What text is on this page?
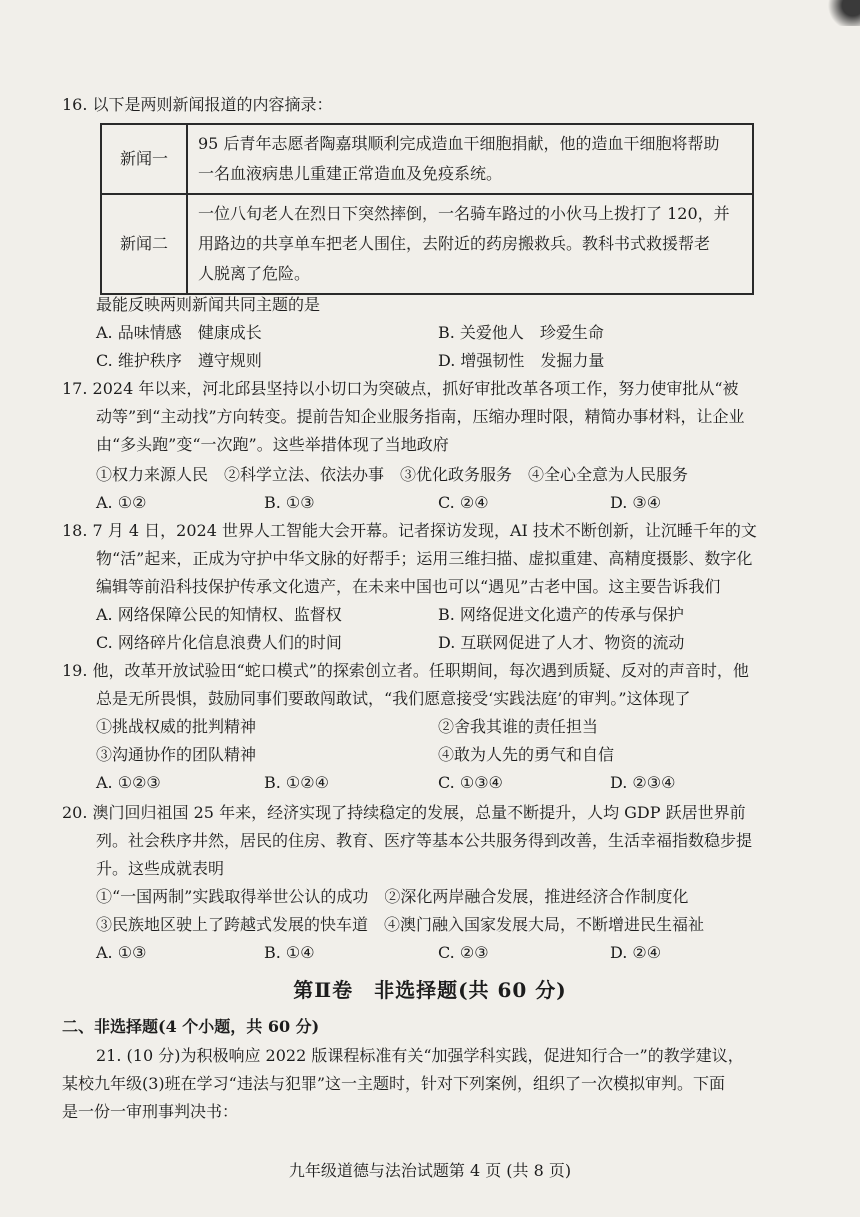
16. 以下是两则新闻报道的内容摘录：
新闻一	95 后青年志愿者陶嘉琪顺利完成造血干细胞捐献，他的造血干细胞将帮助
一名血液病患儿重建正常造血及免疫系统。

新闻二	一位八旬老人在烈日下突然摔倒，一名骑车路过的小伙马上拨打了 120，并
用路边的共享单车把老人围住，去附近的药房搬救兵。教科书式救援帮老
人脱离了危险。
最能反映两则新闻共同主题的是
A. 品味情感　健康成长	B. 关爱他人　珍爱生命
C. 维护秩序　遵守规则	D. 增强韧性　发掘力量
17. 2024 年以来，河北邱县坚持以小切口为突破点，抓好审批改革各项工作，努力使审批从“被
动等”到“主动找”方向转变。提前告知企业服务指南，压缩办理时限，精简办事材料，让企业
由“多头跑”变“一次跑”。这些举措体现了当地政府
①权力来源人民　②科学立法、依法办事　③优化政务服务　④全心全意为人民服务
A. ①②	B. ①③	C. ②④	D. ③④
18. 7 月 4 日，2024 世界人工智能大会开幕。记者探访发现，AI 技术不断创新，让沉睡千年的文
物“活”起来，正成为守护中华文脉的好帮手；运用三维扫描、虚拟重建、高精度摄影、数字化
编辑等前沿科技保护传承文化遗产，在未来中国也可以“遇见”古老中国。这主要告诉我们
A. 网络保障公民的知情权、监督权	B. 网络促进文化遗产的传承与保护
C. 网络碎片化信息浪费人们的时间	D. 互联网促进了人才、物资的流动
19. 他，改革开放试验田“蛇口模式”的探索创立者。任职期间，每次遇到质疑、反对的声音时，他
总是无所畏惧，鼓励同事们要敢闯敢试，“我们愿意接受‘实践法庭’的审判。”这体现了
①挑战权威的批判精神	②舍我其谁的责任担当
③沟通协作的团队精神	④敢为人先的勇气和自信
A. ①②③	B. ①②④	C. ①③④	D. ②③④
20. 澳门回归祖国 25 年来，经济实现了持续稳定的发展，总量不断提升，人均 GDP 跃居世界前
列。社会秩序井然，居民的住房、教育、医疗等基本公共服务得到改善，生活幸福指数稳步提
升。这些成就表明
①“一国两制”实践取得举世公认的成功　②深化两岸融合发展，推进经济合作制度化
③民族地区驶上了跨越式发展的快车道　④澳门融入国家发展大局，不断增进民生福祉
A. ①③	B. ①④	C. ②③	D. ②④
第Ⅱ卷　非选择题(共 60 分)
二、非选择题(4 个小题，共 60 分)
21. (10 分)为积极响应 2022 版课程标准有关“加强学科实践，促进知行合一”的教学建议，
某校九年级(3)班在学习“违法与犯罪”这一主题时，针对下列案例，组织了一次模拟审判。下面
是一份一审刑事判决书：
九年级道德与法治试题第 4 页 (共 8 页)
